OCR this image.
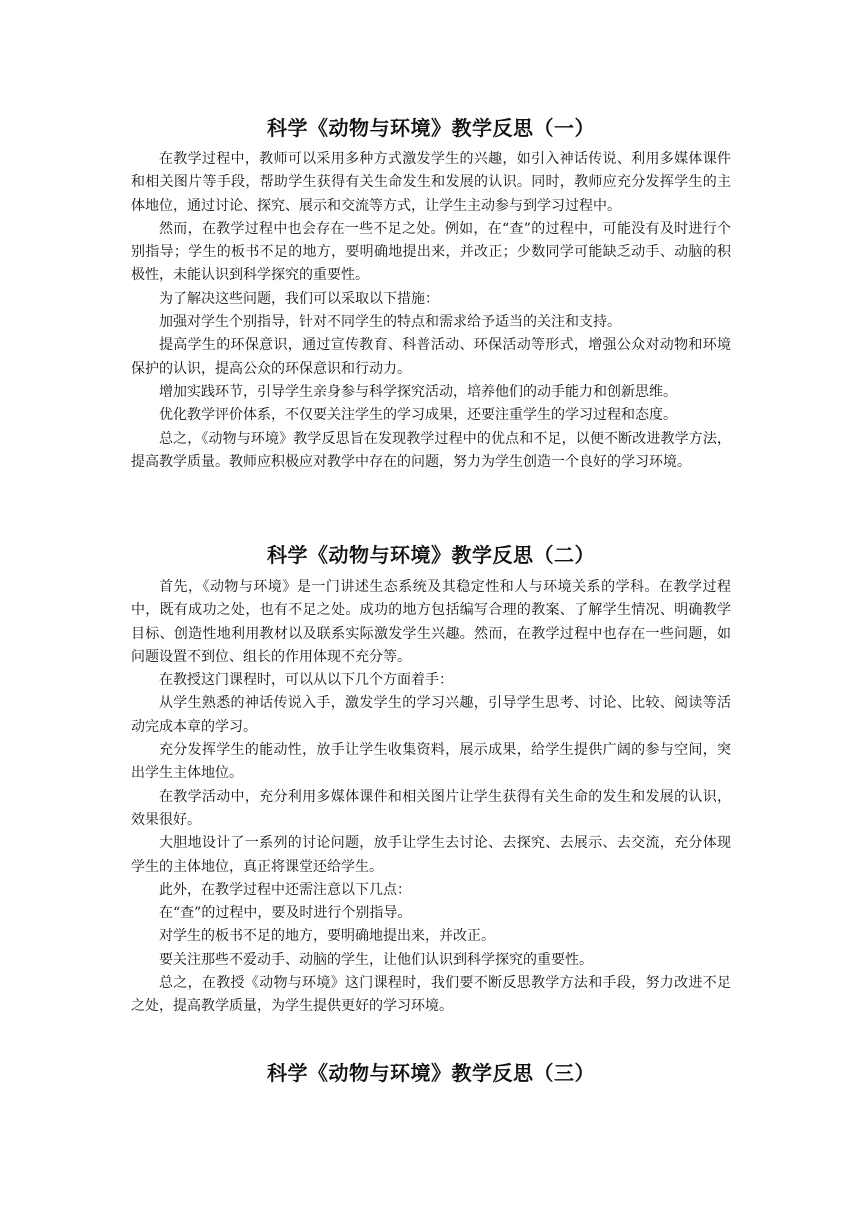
科学《动物与环境》教学反思（一）

在教学过程中，教师可以采用多种方式激发学生的兴趣，如引入神话传说、利用多媒体课件和相关图片等手段，帮助学生获得有关生命发生和发展的认识。同时，教师应充分发挥学生的主体地位，通过讨论、探究、展示和交流等方式，让学生主动参与到学习过程中。

然而，在教学过程中也会存在一些不足之处。例如，在“查”的过程中，可能没有及时进行个别指导；学生的板书不足的地方，要明确地提出来，并改正；少数同学可能缺乏动手、动脑的积极性，未能认识到科学探究的重要性。

为了解决这些问题，我们可以采取以下措施：

加强对学生个别指导，针对不同学生的特点和需求给予适当的关注和支持。

提高学生的环保意识，通过宣传教育、科普活动、环保活动等形式，增强公众对动物和环境保护的认识，提高公众的环保意识和行动力。

增加实践环节，引导学生亲身参与科学探究活动，培养他们的动手能力和创新思维。

优化教学评价体系，不仅要关注学生的学习成果，还要注重学生的学习过程和态度。

总之，《动物与环境》教学反思旨在发现教学过程中的优点和不足，以便不断改进教学方法，提高教学质量。教师应积极应对教学中存在的问题，努力为学生创造一个良好的学习环境。

科学《动物与环境》教学反思（二）

首先，《动物与环境》是一门讲述生态系统及其稳定性和人与环境关系的学科。在教学过程中，既有成功之处，也有不足之处。成功的地方包括编写合理的教案、了解学生情况、明确教学目标、创造性地利用教材以及联系实际激发学生兴趣。然而，在教学过程中也存在一些问题，如问题设置不到位、组长的作用体现不充分等。

在教授这门课程时，可以从以下几个方面着手：

从学生熟悉的神话传说入手，激发学生的学习兴趣，引导学生思考、讨论、比较、阅读等活动完成本章的学习。

充分发挥学生的能动性，放手让学生收集资料，展示成果，给学生提供广阔的参与空间，突出学生主体地位。

在教学活动中，充分利用多媒体课件和相关图片让学生获得有关生命的发生和发展的认识，效果很好。

大胆地设计了一系列的讨论问题，放手让学生去讨论、去探究、去展示、去交流，充分体现学生的主体地位，真正将课堂还给学生。

此外，在教学过程中还需注意以下几点：

在“查”的过程中，要及时进行个别指导。

对学生的板书不足的地方，要明确地提出来，并改正。

要关注那些不爱动手、动脑的学生，让他们认识到科学探究的重要性。

总之，在教授《动物与环境》这门课程时，我们要不断反思教学方法和手段，努力改进不足之处，提高教学质量，为学生提供更好的学习环境。

科学《动物与环境》教学反思（三）
